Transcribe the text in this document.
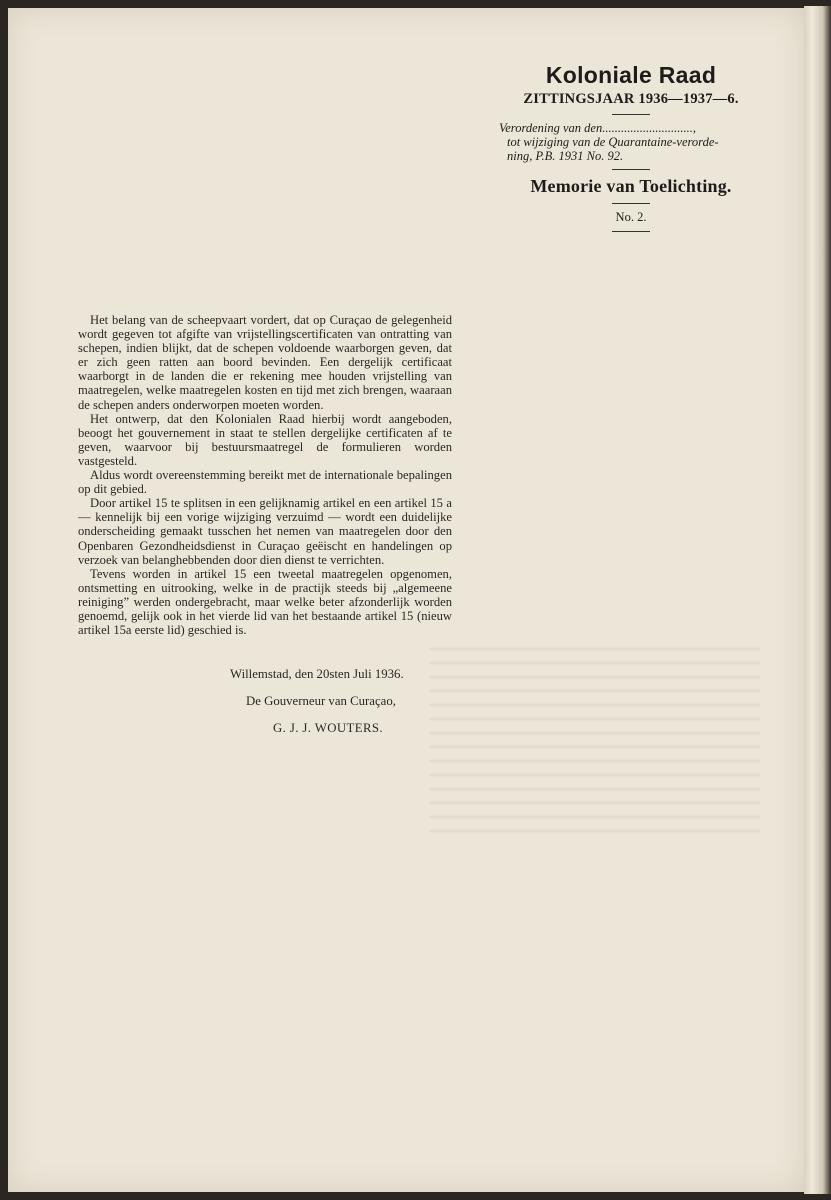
Koloniale Raad
ZITTINGSJAAR 1936—1937—6.
Verordening van den.............................,
tot wijziging van de Quarantaine-verorde-
ning, P.B. 1931 No. 92.
Memorie van Toelichting.
No. 2.

Het belang van de scheepvaart vordert, dat op Curaçao de gelegenheid wordt gegeven tot afgifte van vrijstellingscertificaten van ontratting van schepen, indien blijkt, dat de schepen voldoende waarborgen geven, dat er zich geen ratten aan boord bevinden. Een dergelijk certificaat waarborgt in de landen die er rekening mee houden vrijstelling van maatregelen, welke maatregelen kosten en tijd met zich brengen, waaraan de schepen anders onderworpen moeten worden.

Het ontwerp, dat den Kolonialen Raad hierbij wordt aangeboden, beoogt het gouvernement in staat te stellen dergelijke certificaten af te geven, waarvoor bij bestuursmaatregel de formulieren worden vastgesteld.

Aldus wordt overeenstemming bereikt met de internationale bepalingen op dit gebied.

Door artikel 15 te splitsen in een gelijknamig artikel en een artikel 15 a — kennelijk bij een vorige wijziging verzuimd — wordt een duidelijke onderscheiding gemaakt tusschen het nemen van maatregelen door den Openbaren Gezondheidsdienst in Curaçao geëischt en handelingen op verzoek van belanghebbenden door dien dienst te verrichten.

Tevens worden in artikel 15 een tweetal maatregelen opgenomen, ontsmetting en uitrooking, welke in de practijk steeds bij „algemeene reiniging” werden ondergebracht, maar welke beter afzonderlijk worden genoemd, gelijk ook in het vierde lid van het bestaande artikel 15 (nieuw artikel 15a eerste lid) geschied is.

Willemstad, den 20sten Juli 1936.
De Gouverneur van Curaçao,
G. J. J. WOUTERS.
